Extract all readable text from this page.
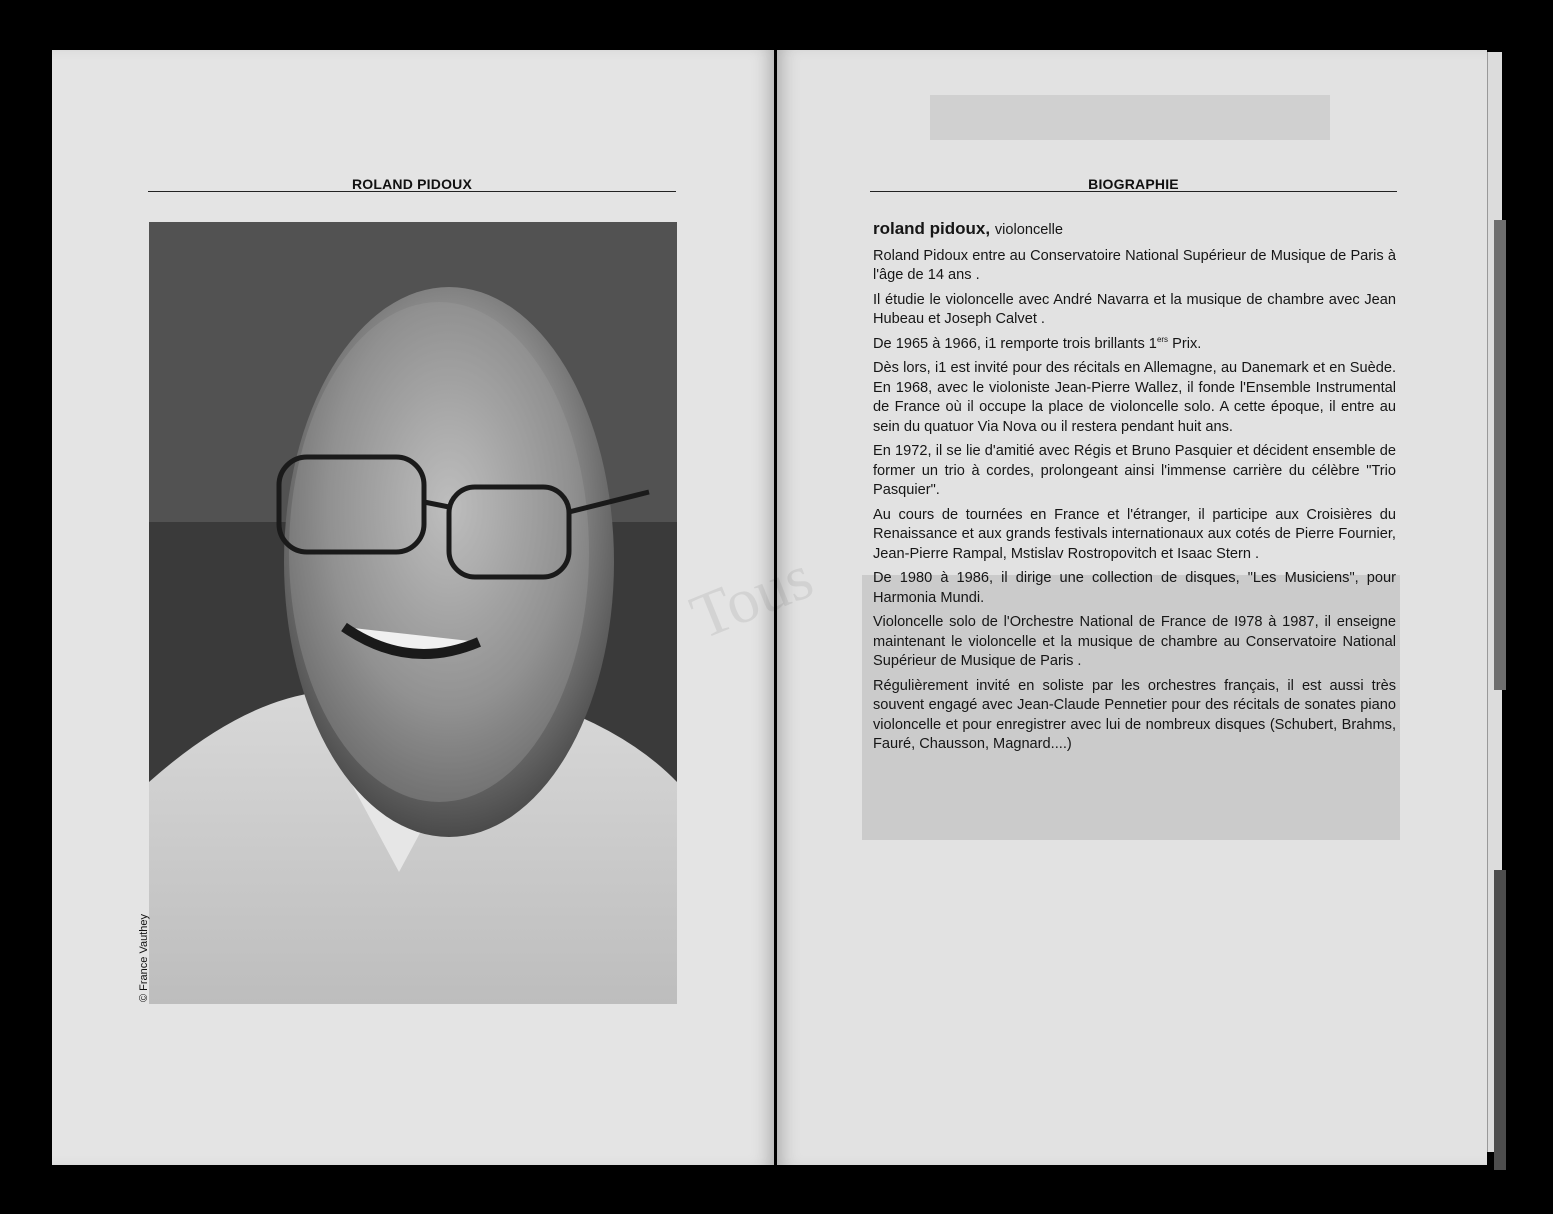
ROLAND PIDOUX
© France Vauthey
Tous
BIOGRAPHIE
roland pidoux, violoncelle

Roland Pidoux entre au Conservatoire National Supérieur de Musique de Paris à l'âge de 14 ans .

Il étudie le violoncelle avec André Navarra et la musique de chambre avec Jean Hubeau et Joseph Calvet .

De 1965 à 1966, i1 remporte trois brillants 1ers Prix.

Dès lors, i1 est invité pour des récitals en Allemagne, au Danemark et en Suède. En 1968, avec le violoniste Jean-Pierre Wallez, il fonde l'Ensemble Instrumental de France où il occupe la place de violoncelle solo. A cette époque, il entre au sein du quatuor Via Nova ou il restera pendant huit ans.

En 1972, il se lie d'amitié avec Régis et Bruno Pasquier et décident ensemble de former un trio à cordes, prolongeant ainsi l'immense carrière du célèbre "Trio Pasquier".

Au cours de tournées en France et l'étranger, il participe aux Croisières du Renaissance et aux grands festivals internationaux aux cotés de Pierre Fournier, Jean-Pierre Rampal, Mstislav Rostropovitch et Isaac Stern .

De 1980 à 1986, il dirige une collection de disques, "Les Musiciens", pour Harmonia Mundi.

Violoncelle solo de l'Orchestre National de France de I978 à 1987, il enseigne maintenant le violoncelle et la musique de chambre au Conservatoire National Supérieur de Musique de Paris .

Régulièrement invité en soliste par les orchestres français, il est aussi très souvent engagé avec Jean-Claude Pennetier pour des récitals de sonates piano violoncelle et pour enregistrer avec lui de nombreux disques (Schubert, Brahms, Fauré, Chausson, Magnard....)
